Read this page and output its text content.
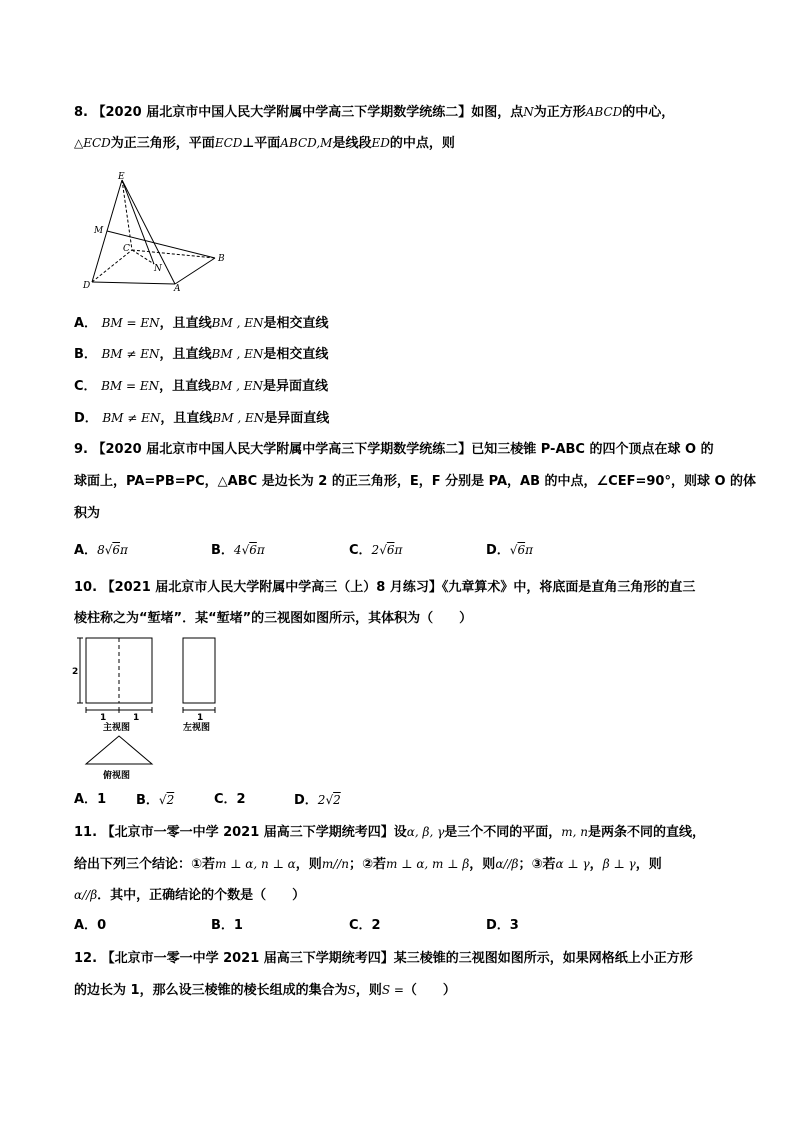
8. 【2020 届北京市中国人民大学附属中学高三下学期数学统练二】如图，点N为正方形ABCD的中心，
△ECD为正三角形，平面ECD⊥平面ABCD,M是线段ED的中点，则
E
M
C
N
B
D	A
A． BM = EN，且直线BM , EN是相交直线
B． BM ≠ EN，且直线BM , EN是相交直线
C． BM = EN，且直线BM , EN是异面直线
D． BM ≠ EN，且直线BM , EN是异面直线
9. 【2020 届北京市中国人民大学附属中学高三下学期数学统练二】已知三棱锥 P-ABC 的四个顶点在球 O 的
球面上，PA=PB=PC，△ABC 是边长为 2 的正三角形，E，F 分别是 PA，AB 的中点，∠CEF=90°，则球 O 的体
积为
A．8√6π	B．4√6π	C．2√6π	D．√6π
10. 【2021 届北京市人民大学附属中学高三（上）8 月练习】《九章算术》中，将底面是直角三角形的直三
棱柱称之为“堑堵”．某“堑堵”的三视图如图所示，其体积为（　　）
2
1	1	1
主视图	左视图
俯视图
A．1 B．√2	C．2	D．2√2
11. 【北京市一零一中学 2021 届高三下学期统考四】设α, β, γ是三个不同的平面，m, n是两条不同的直线，
给出下列三个结论：①若m ⊥ α, n ⊥ α，则m//n；②若m ⊥ α, m ⊥ β，则α//β；③若α ⊥ γ，β ⊥ γ，则
α//β．其中，正确结论的个数是（　　）
A．0	B．1	C．2	D．3
12. 【北京市一零一中学 2021 届高三下学期统考四】某三棱锥的三视图如图所示，如果网格纸上小正方形
的边长为 1，那么设三棱锥的棱长组成的集合为S，则S =（　　）
